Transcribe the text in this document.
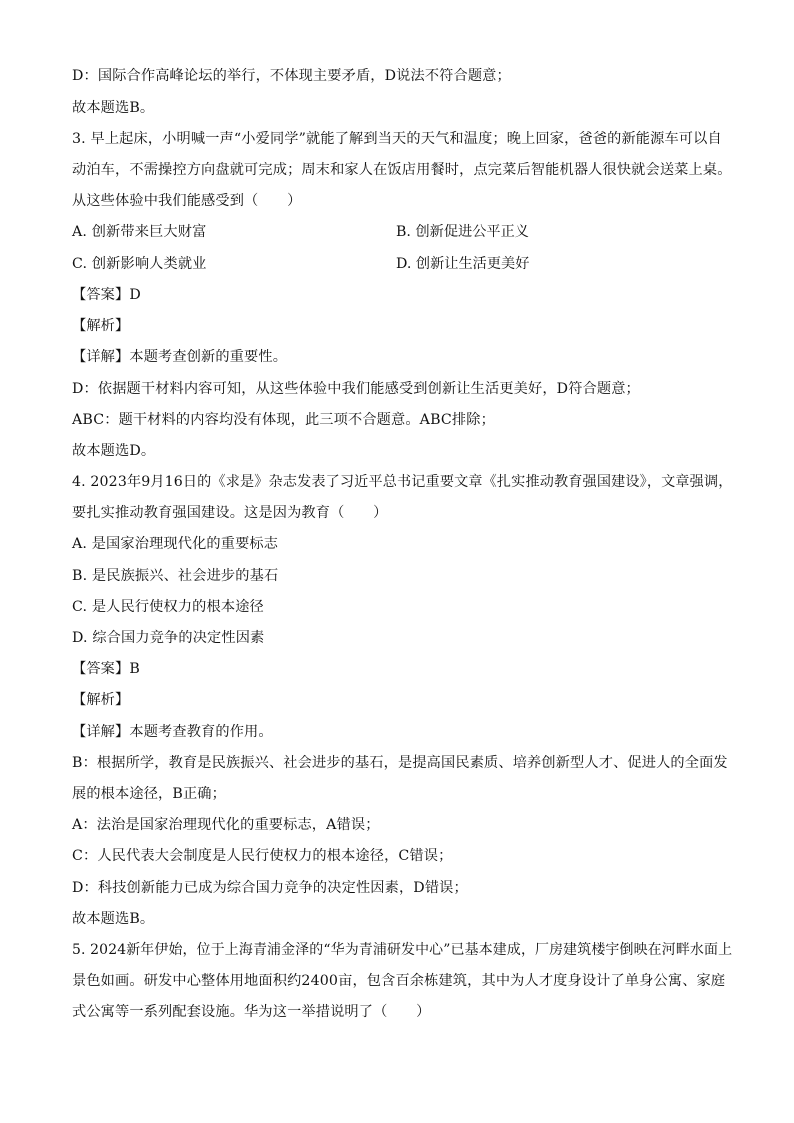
D：国际合作高峰论坛的举行，不体现主要矛盾，D说法不符合题意；
故本题选B。
3. 早上起床，小明喊一声“小爱同学”就能了解到当天的天气和温度；晚上回家，爸爸的新能源车可以自
动泊车，不需操控方向盘就可完成；周末和家人在饭店用餐时，点完菜后智能机器人很快就会送菜上桌。
从这些体验中我们能感受到（　　）
A. 创新带来巨大财富	B. 创新促进公平正义
C. 创新影响人类就业	D. 创新让生活更美好
【答案】D
【解析】
【详解】本题考查创新的重要性。
D：依据题干材料内容可知，从这些体验中我们能感受到创新让生活更美好，D符合题意；
ABC：题干材料的内容均没有体现，此三项不合题意。ABC排除；
故本题选D。
4. 2023年9月16日的《求是》杂志发表了习近平总书记重要文章《扎实推动教育强国建设》，文章强调，
要扎实推动教育强国建设。这是因为教育（　　）
A. 是国家治理现代化的重要标志
B. 是民族振兴、社会进步的基石
C. 是人民行使权力的根本途径
D. 综合国力竞争的决定性因素
【答案】B
【解析】
【详解】本题考查教育的作用。
B：根据所学，教育是民族振兴、社会进步的基石，是提高国民素质、培养创新型人才、促进人的全面发
展的根本途径，B正确；
A：法治是国家治理现代化的重要标志，A错误；
C：人民代表大会制度是人民行使权力的根本途径，C错误；
D：科技创新能力已成为综合国力竞争的决定性因素，D错误；
故本题选B。
5. 2024新年伊始，位于上海青浦金泽的“华为青浦研发中心”已基本建成，厂房建筑楼宇倒映在河畔水面上
景色如画。研发中心整体用地面积约2400亩，包含百余栋建筑，其中为人才度身设计了单身公寓、家庭
式公寓等一系列配套设施。华为这一举措说明了（　　）
